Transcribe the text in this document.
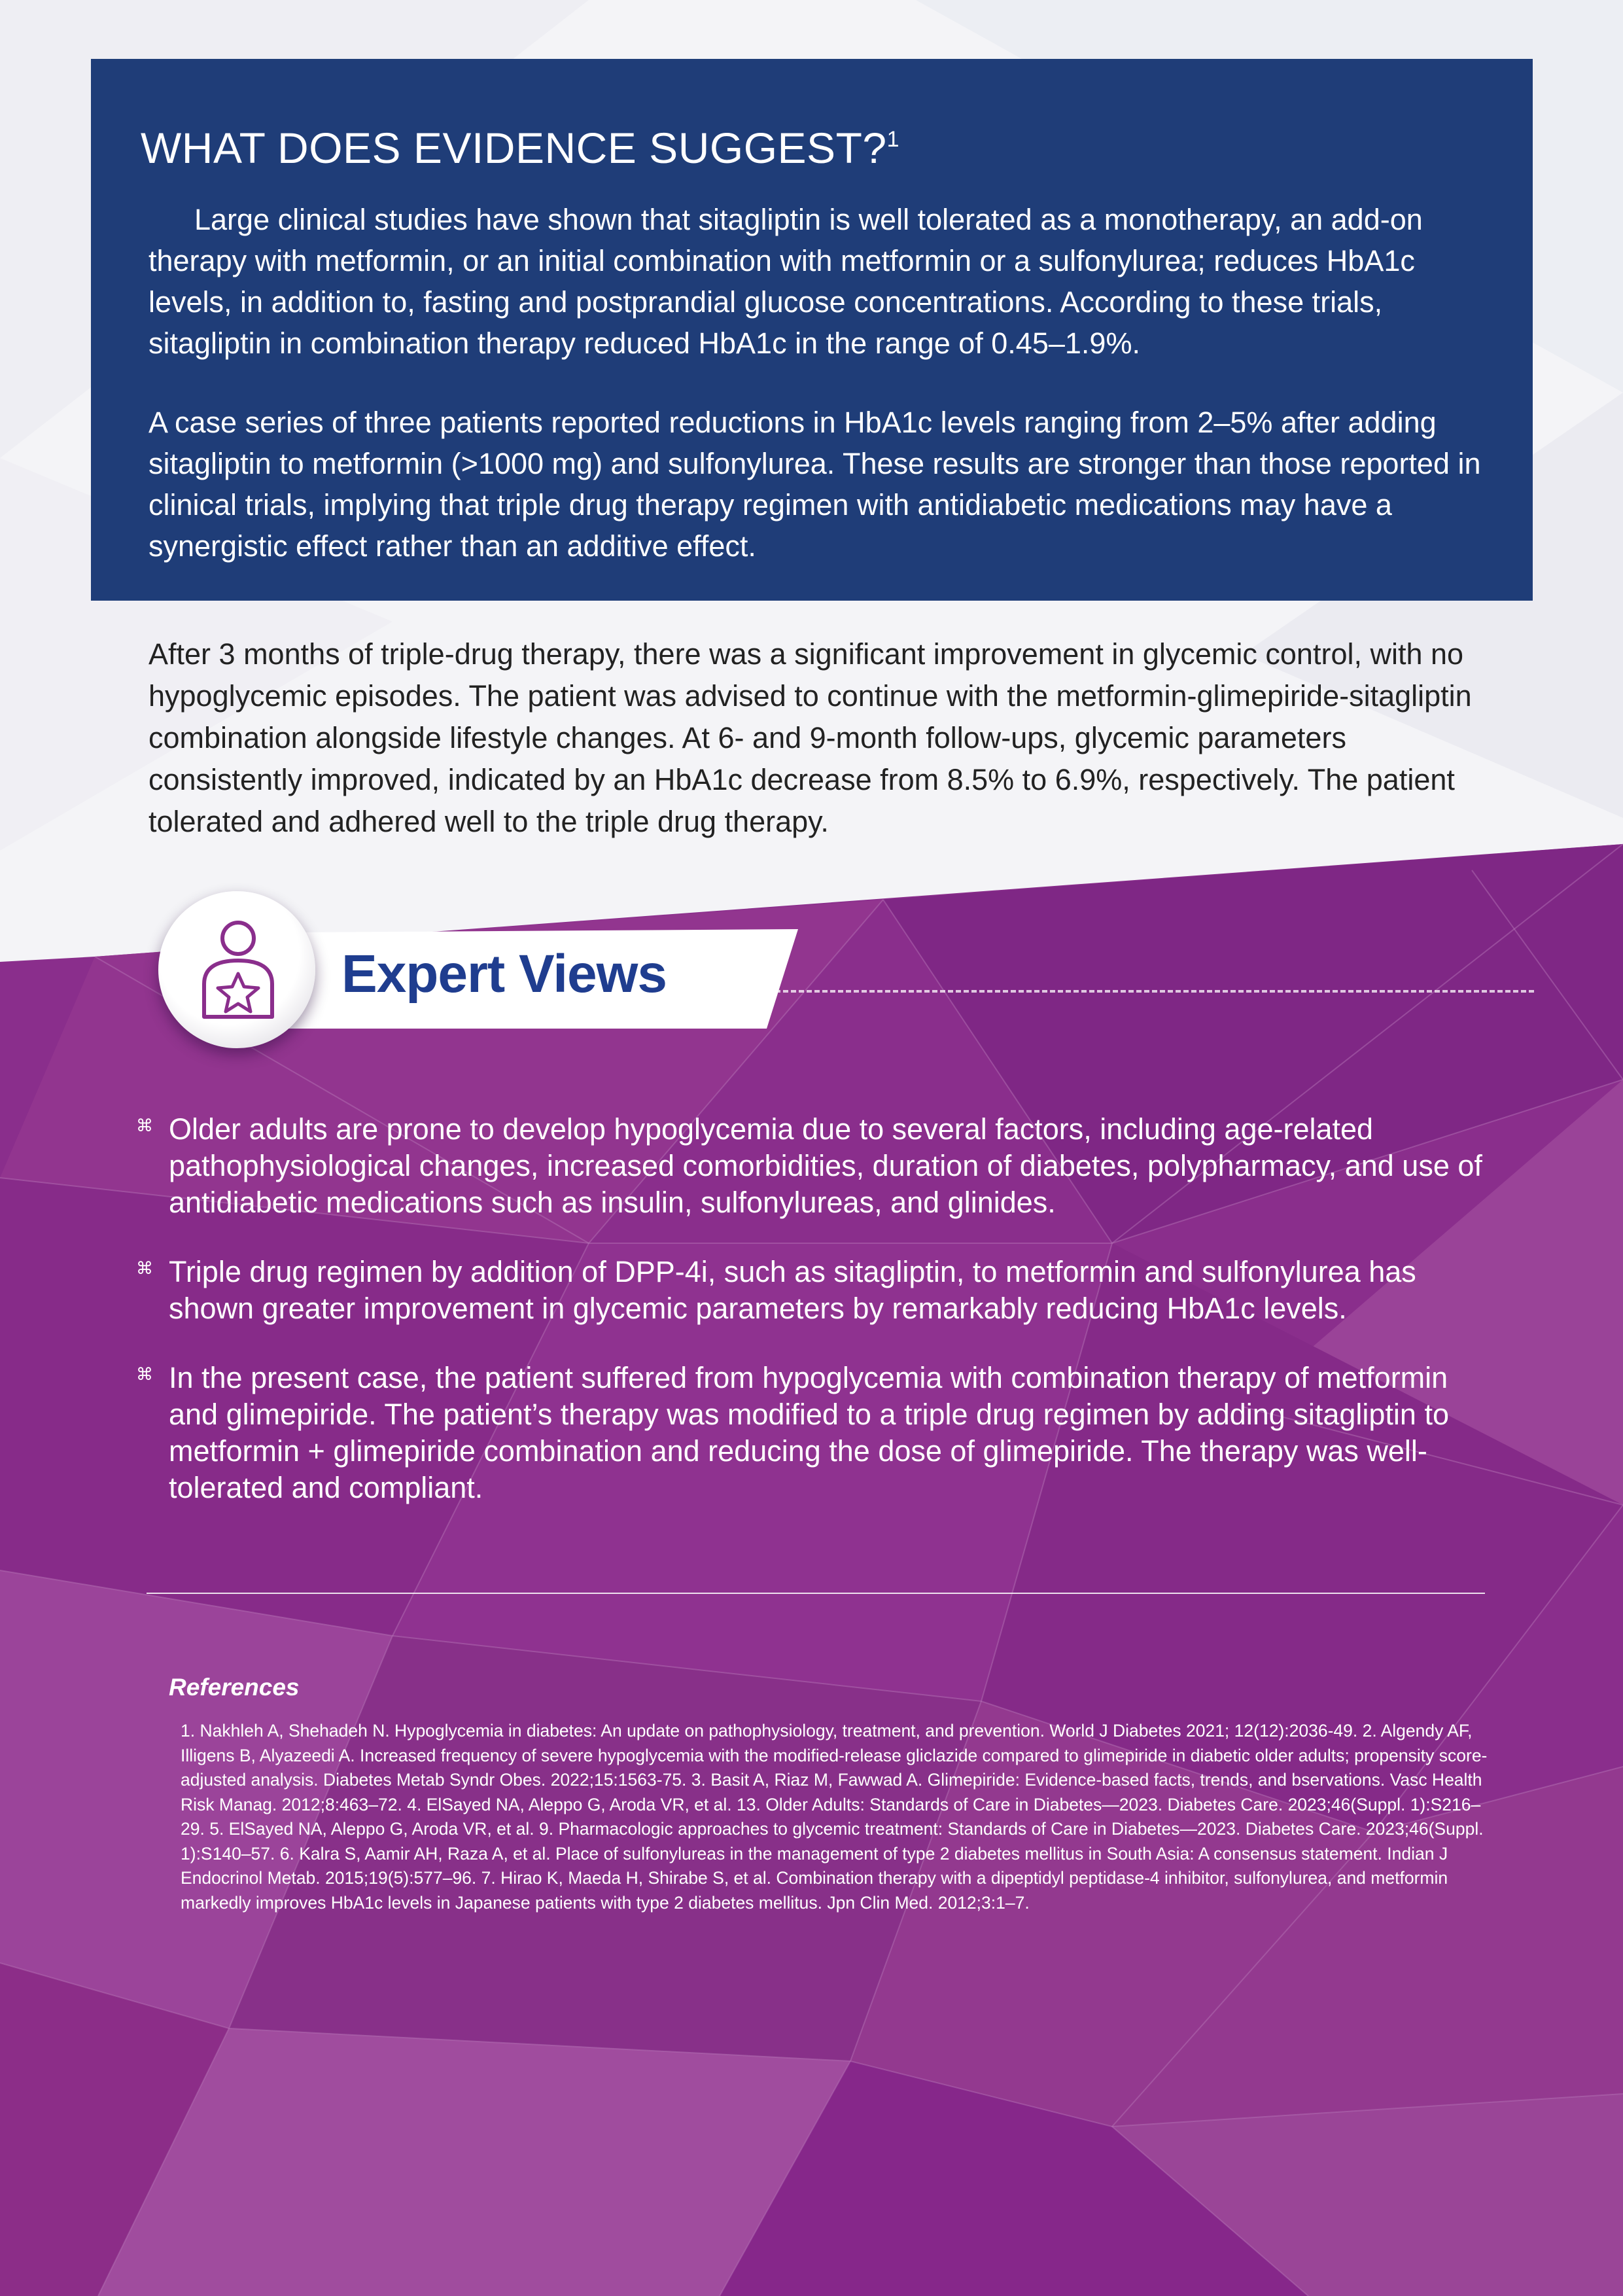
WHAT DOES EVIDENCE SUGGEST?$^1$

Large clinical studies have shown that sitagliptin is well tolerated as a monotherapy, an add-on therapy with metformin, or an initial combination with metformin or a sulfonylurea; reduces HbA1c levels, in addition to, fasting and postprandial glucose concentrations. According to these trials, sitagliptin in combination therapy reduced HbA1c in the range of 0.45–1.9%.

A case series of three patients reported reductions in HbA1c levels ranging from 2–5% after adding sitagliptin to metformin (>1000 mg) and sulfonylurea. These results are stronger than those reported in clinical trials, implying that triple drug therapy regimen with antidiabetic medications may have a synergistic effect rather than an additive effect.

After 3 months of triple-drug therapy, there was a significant improvement in glycemic control, with no hypoglycemic episodes. The patient was advised to continue with the metformin-glimepiride-sitagliptin combination alongside lifestyle changes. At 6- and 9-month follow-ups, glycemic parameters consistently improved, indicated by an HbA1c decrease from 8.5% to 6.9%, respectively. The patient tolerated and adhered well to the triple drug therapy.

Expert Views
⌘ Older adults are prone to develop hypoglycemia due to several factors, including age-related pathophysiological changes, increased comorbidities, duration of diabetes, polypharmacy, and use of antidiabetic medications such as insulin, sulfonylureas, and glinides.
⌘ Triple drug regimen by addition of DPP-4i, such as sitagliptin, to metformin and sulfonylurea has shown greater improvement in glycemic parameters by remarkably reducing HbA1c levels.
⌘ In the present case, the patient suffered from hypoglycemia with combination therapy of metformin and glimepiride. The patient’s therapy was modified to a triple drug regimen by adding sitagliptin to metformin + glimepiride combination and reducing the dose of glimepiride. The therapy was well-tolerated and compliant.
References

1. Nakhleh A, Shehadeh N. Hypoglycemia in diabetes: An update on pathophysiology, treatment, and prevention. World J Diabetes 2021; 12(12):2036-49. 2. Algendy AF, Illigens B, Alyazeedi A. Increased frequency of severe hypoglycemia with the modified-release gliclazide compared to glimepiride in diabetic older adults; propensity score-adjusted analysis. Diabetes Metab Syndr Obes. 2022;15:1563-75. 3. Basit A, Riaz M, Fawwad A. Glimepiride: Evidence-based facts, trends, and bservations. Vasc Health Risk Manag. 2012;8:463–72. 4. ElSayed NA, Aleppo G, Aroda VR, et al. 13. Older Adults: Standards of Care in Diabetes—2023. Diabetes Care. 2023;46(Suppl. 1):S216–29. 5. ElSayed NA, Aleppo G, Aroda VR, et al. 9. Pharmacologic approaches to glycemic treatment: Standards of Care in Diabetes—2023. Diabetes Care. 2023;46(Suppl. 1):S140–57. 6. Kalra S, Aamir AH, Raza A, et al. Place of sulfonylureas in the management of type 2 diabetes mellitus in South Asia: A consensus statement. Indian J Endocrinol Metab. 2015;19(5):577–96. 7. Hirao K, Maeda H, Shirabe S, et al. Combination therapy with a dipeptidyl peptidase-4 inhibitor, sulfonylurea, and metformin markedly improves HbA1c levels in Japanese patients with type 2 diabetes mellitus. Jpn Clin Med. 2012;3:1–7.
